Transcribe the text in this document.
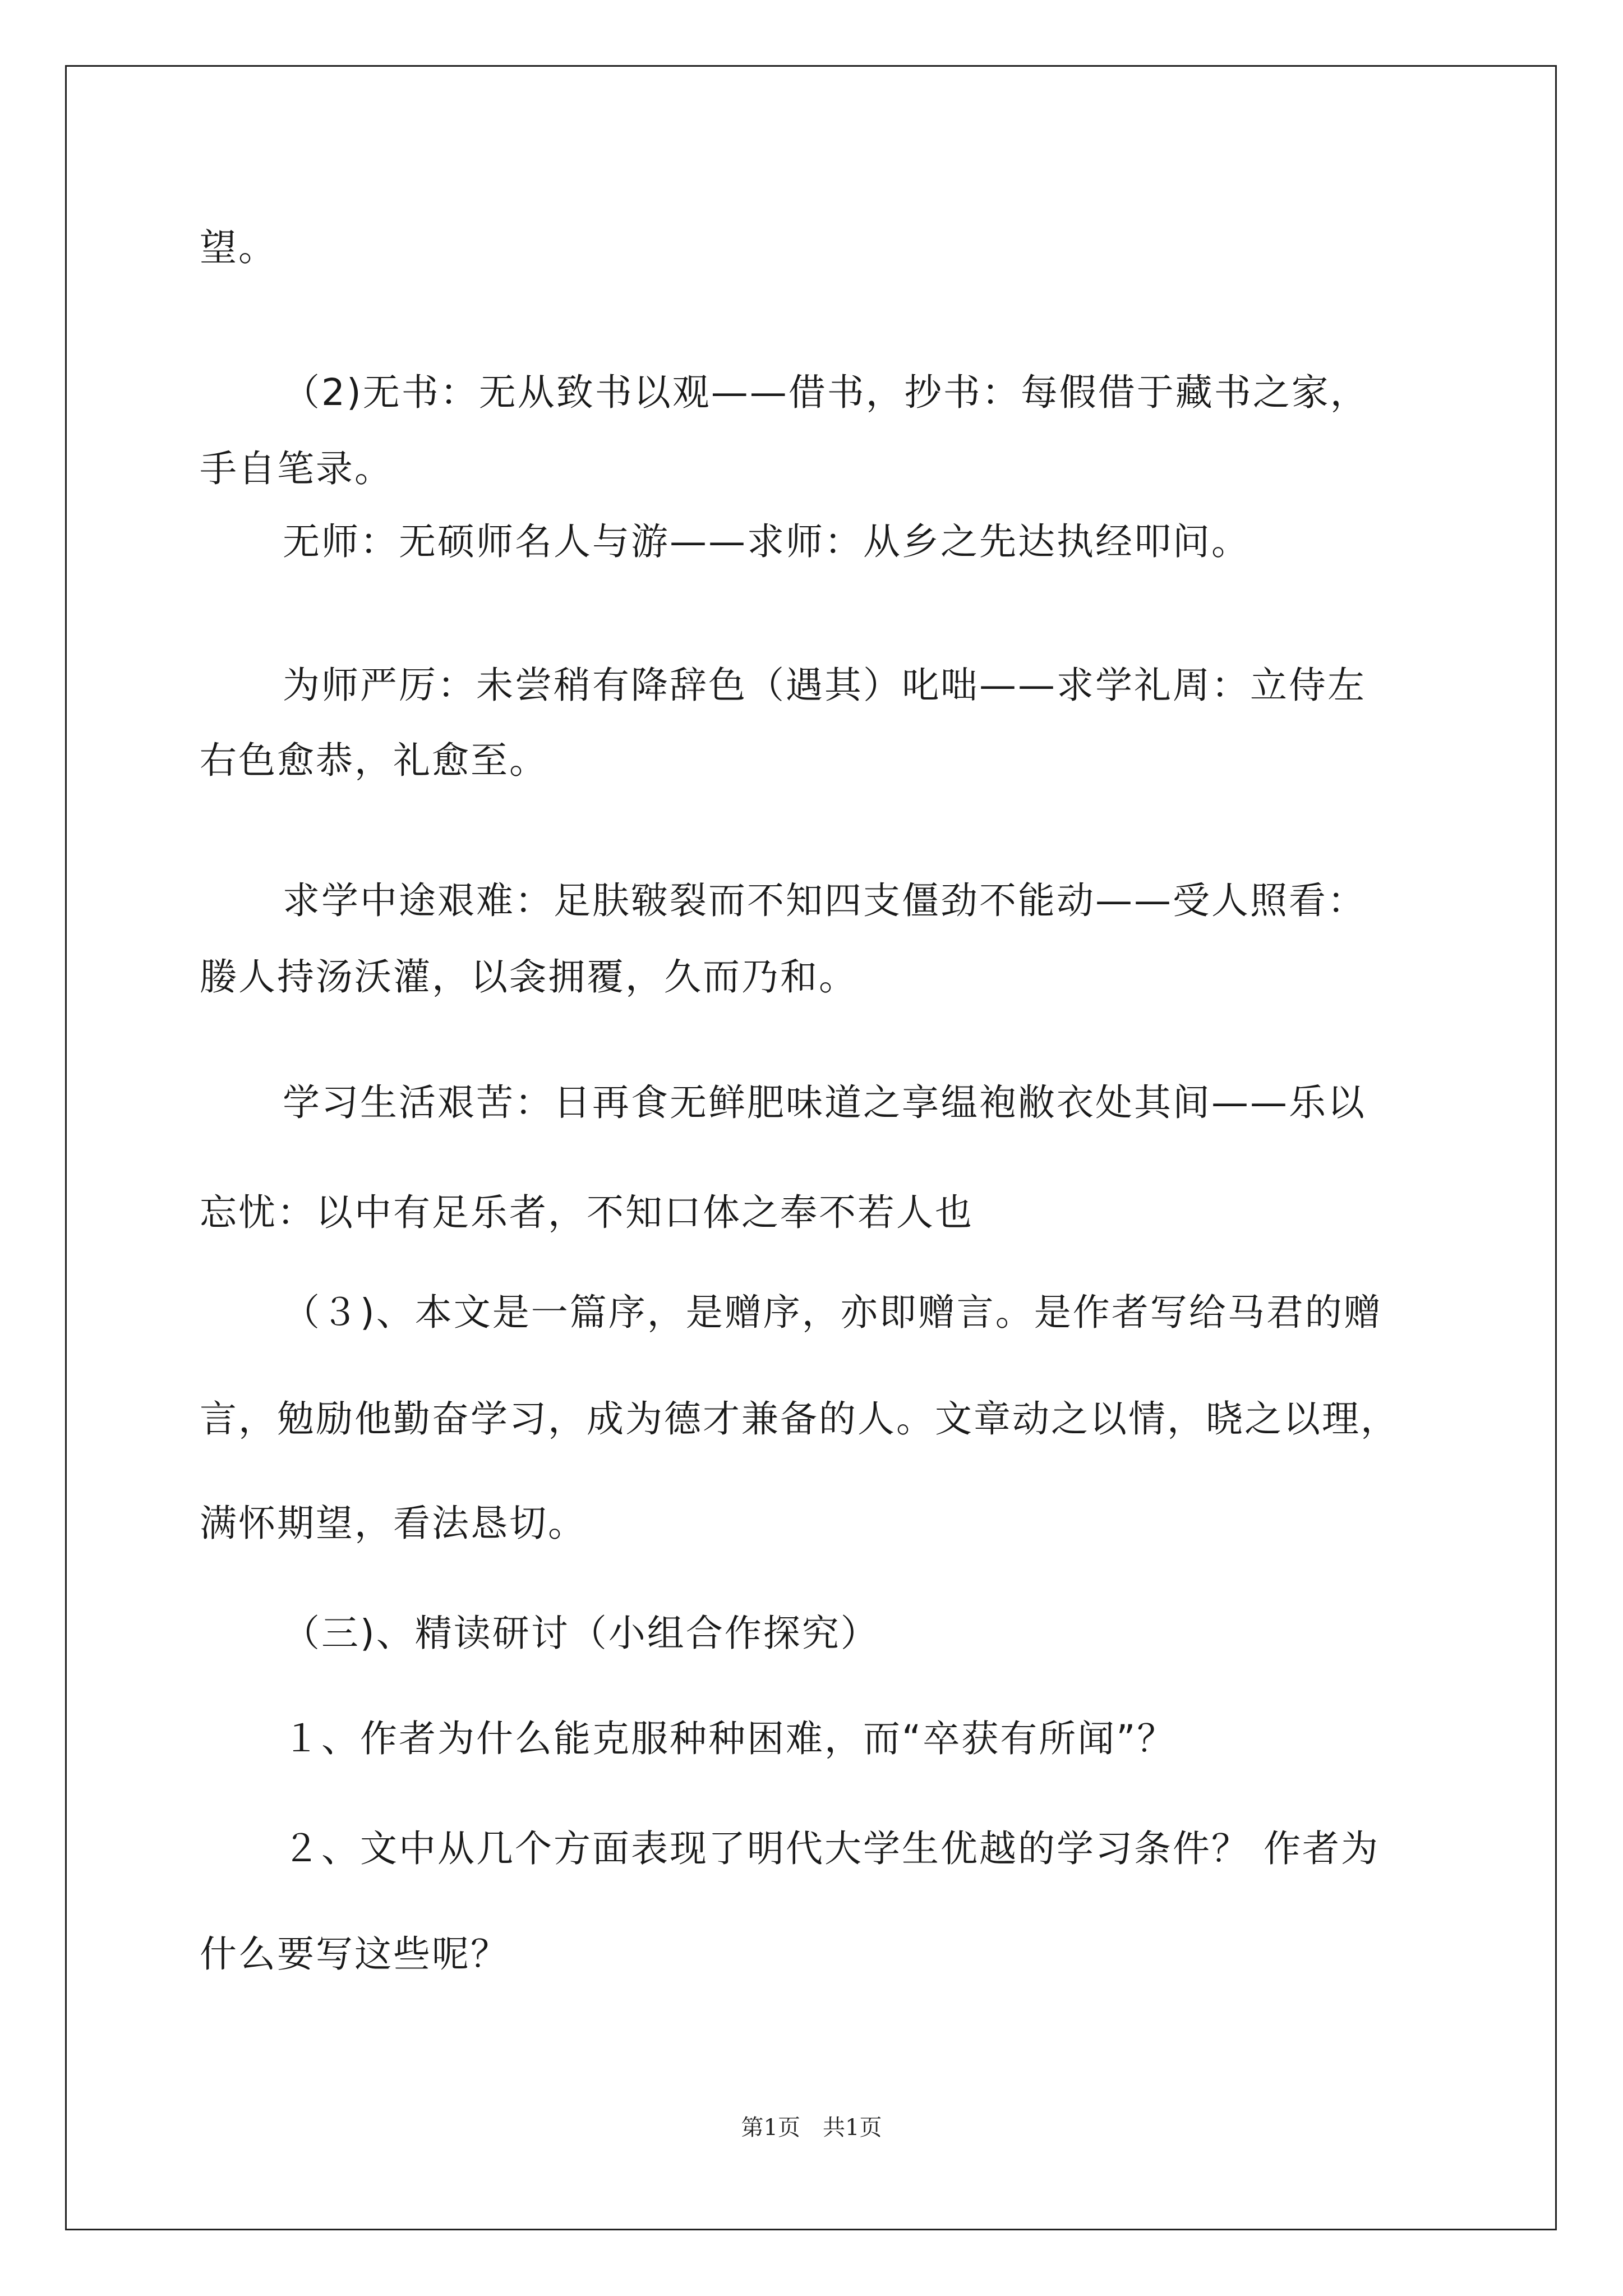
望。
（2)无书：无从致书以观——借书，抄书：每假借于藏书之家，
手自笔录。
无师：无硕师名人与游——求师：从乡之先达执经叩问。
为师严厉：未尝稍有降辞色（遇其）叱咄——求学礼周：立侍左
右色愈恭，礼愈至。
求学中途艰难：足肤皲裂而不知四支僵劲不能动——受人照看：
媵人持汤沃灌，以衾拥覆，久而乃和。
学习生活艰苦：日再食无鲜肥味道之享缊袍敝衣处其间——乐以
忘忧：以中有足乐者，不知口体之奉不若人也
（３)、本文是一篇序，是赠序，亦即赠言。是作者写给马君的赠
言，勉励他勤奋学习，成为德才兼备的人。文章动之以情，晓之以理，
满怀期望，看法恳切。
（三)、精读研讨（小组合作探究）
１、作者为什么能克服种种困难，而“卒获有所闻”？
２、文中从几个方面表现了明代大学生优越的学习条件？ 作者为
什么要写这些呢？
第1页　共1页
